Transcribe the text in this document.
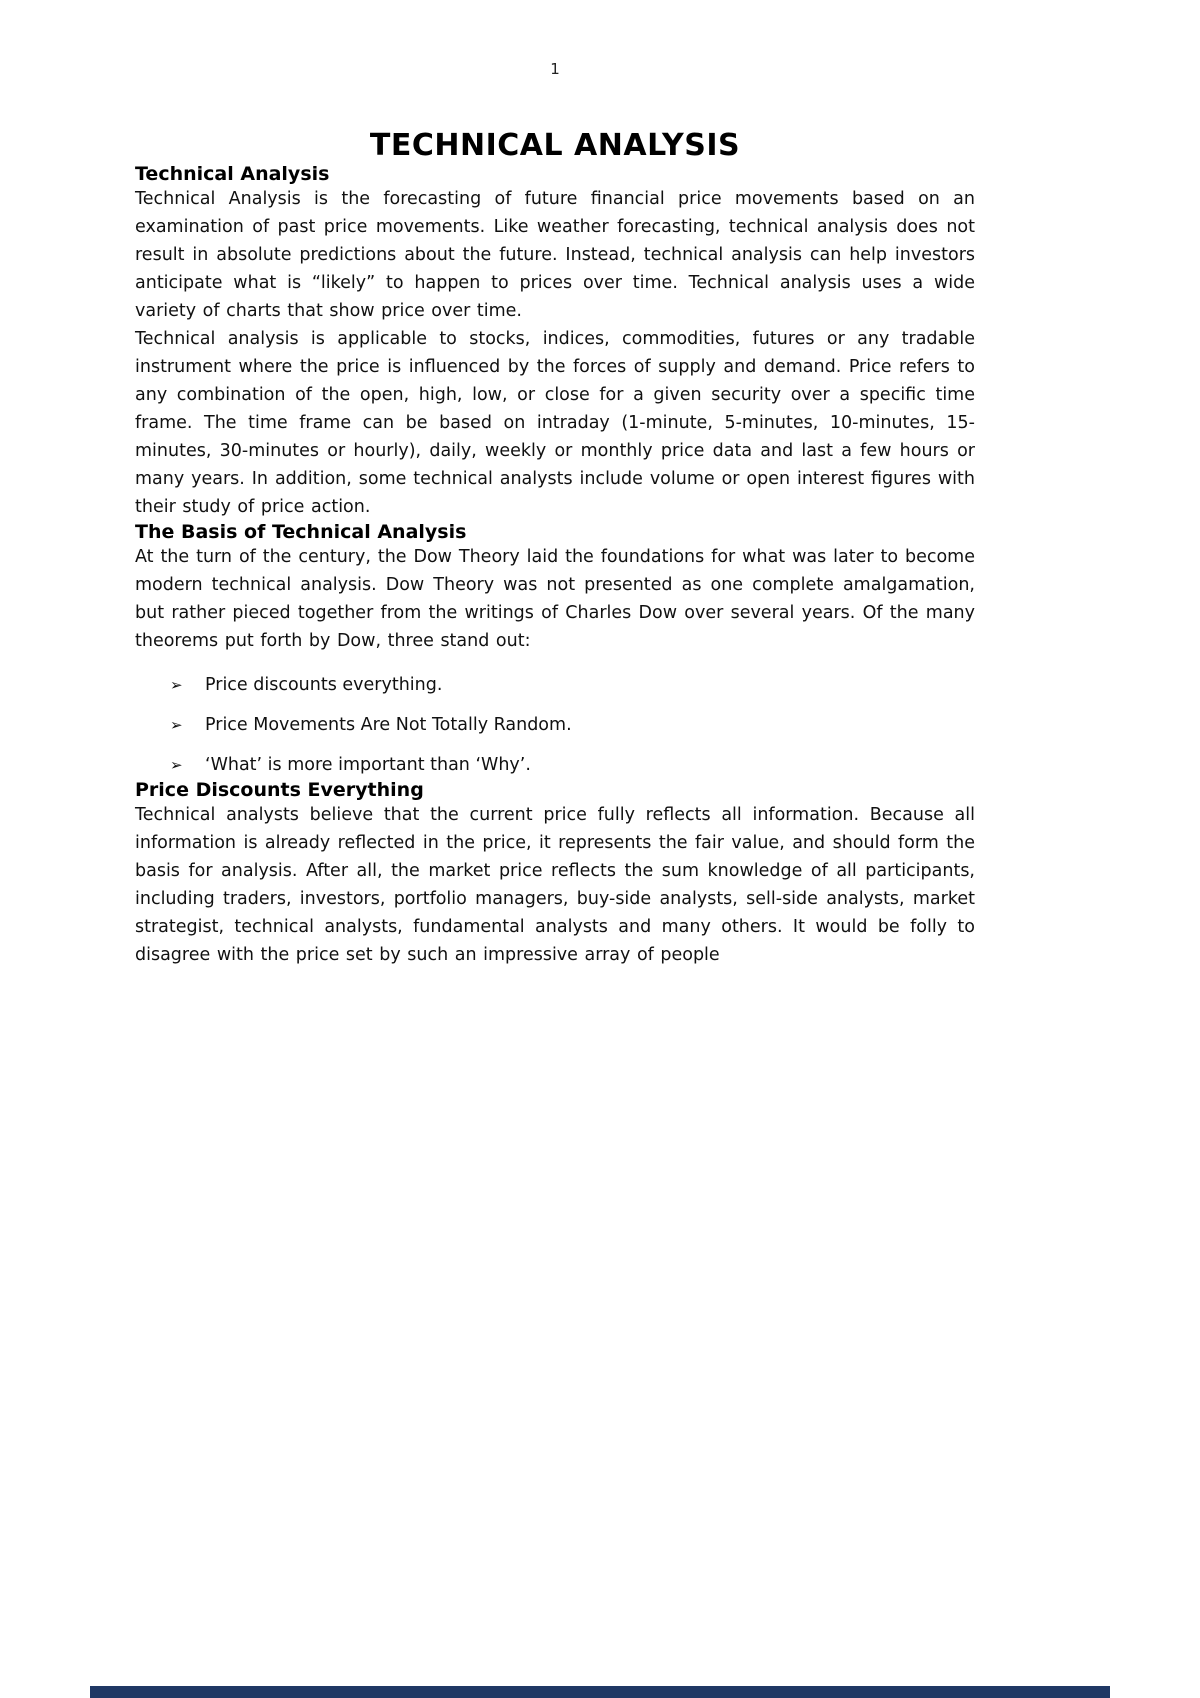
1
TECHNICAL ANALYSIS
Technical Analysis

Technical Analysis is the forecasting of future financial price movements based on an examination of past price movements. Like weather forecasting, technical analysis does not result in absolute predictions about the future. Instead, technical analysis can help investors anticipate what is “likely” to happen to prices over time. Technical analysis uses a wide variety of charts that show price over time.

Technical analysis is applicable to stocks, indices, commodities, futures or any tradable instrument where the price is influenced by the forces of supply and demand. Price refers to any combination of the open, high, low, or close for a given security over a specific time frame. The time frame can be based on intraday (1-minute, 5-minutes, 10-minutes, 15-minutes, 30-minutes or hourly), daily, weekly or monthly price data and last a few hours or many years. In addition, some technical analysts include volume or open interest figures with their study of price action.

The Basis of Technical Analysis

At the turn of the century, the Dow Theory laid the foundations for what was later to become modern technical analysis. Dow Theory was not presented as one complete amalgamation, but rather pieced together from the writings of Charles Dow over several years. Of the many theorems put forth by Dow, three stand out:

➢	Price discounts everything.
➢	Price Movements Are Not Totally Random.
➢	‘What’ is more important than ‘Why’.
Price Discounts Everything

Technical analysts believe that the current price fully reflects all information. Because all information is already reflected in the price, it represents the fair value, and should form the basis for analysis. After all, the market price reflects the sum knowledge of all participants, including traders, investors, portfolio managers, buy-side analysts, sell-side analysts, market strategist, technical analysts, fundamental analysts and many others. It would be folly to disagree with the price set by such an impressive array of people
